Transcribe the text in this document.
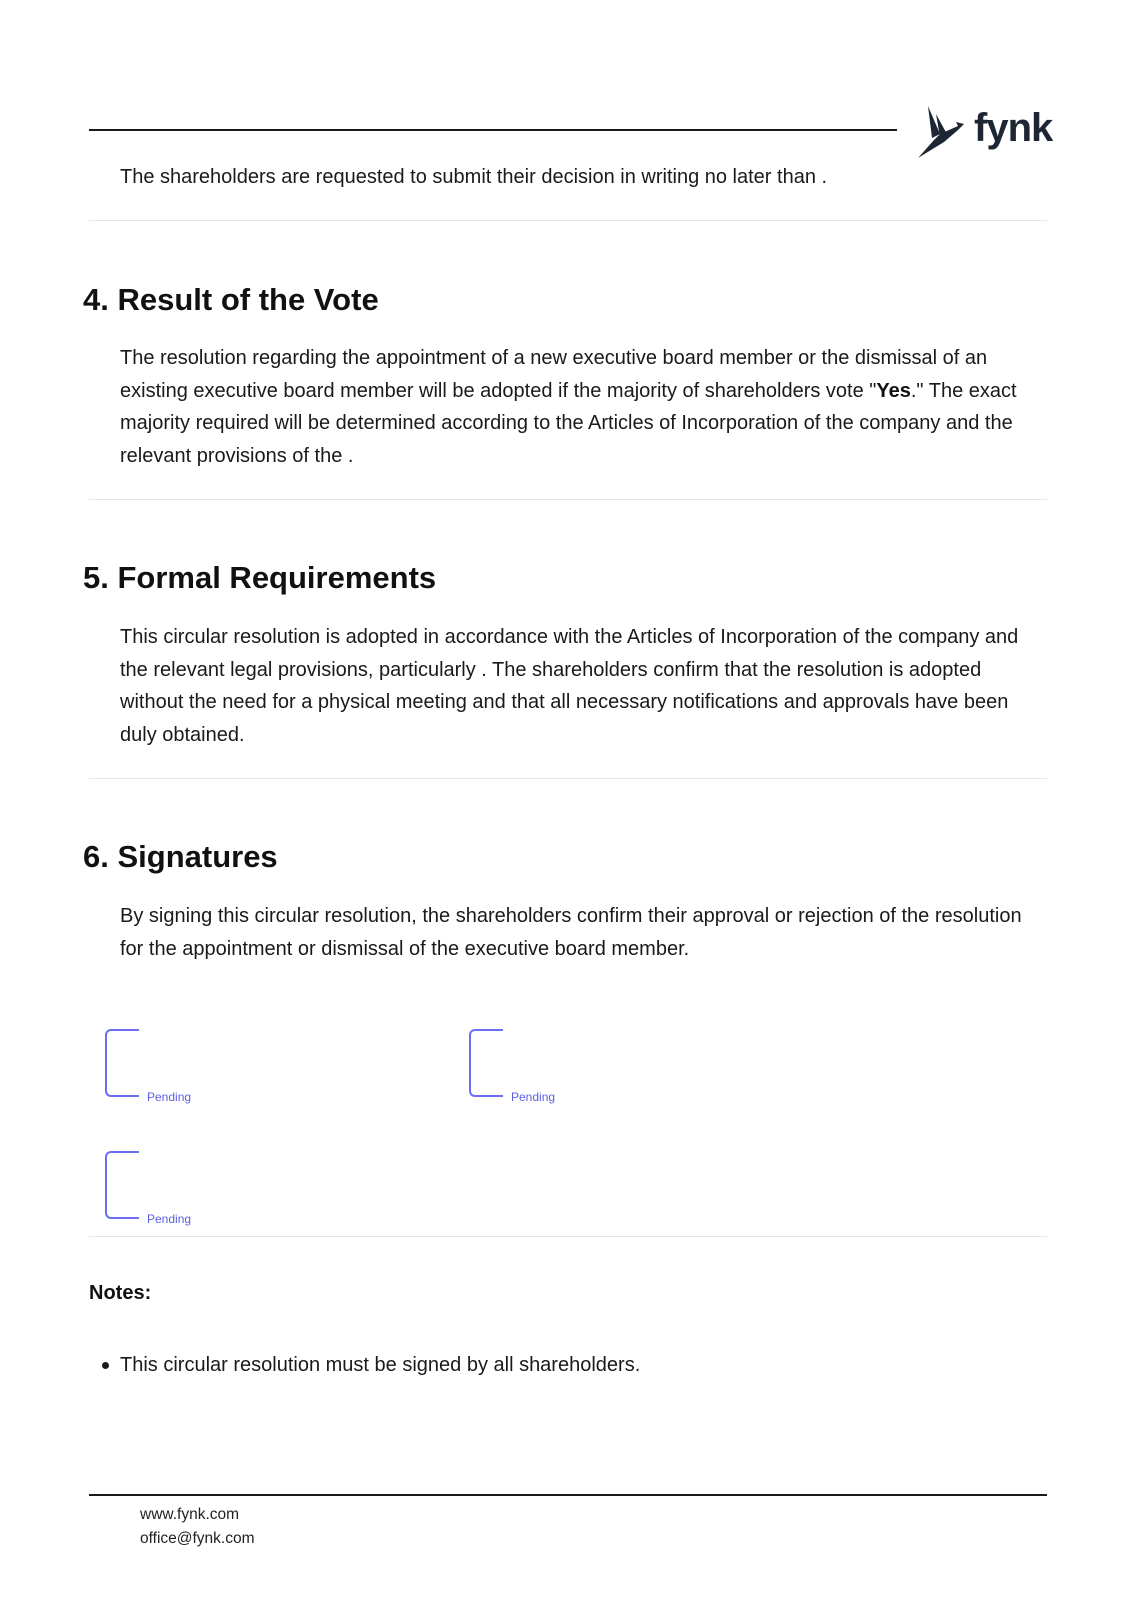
fynk

The shareholders are requested to submit their decision in writing no later than .

4. Result of the Vote

The resolution regarding the appointment of a new executive board member or the dismissal of an existing executive board member will be adopted if the majority of shareholders vote "Yes." The exact majority required will be determined according to the Articles of Incorporation of the company and the relevant provisions of the .

5. Formal Requirements

This circular resolution is adopted in accordance with the Articles of Incorporation of the company and the relevant legal provisions, particularly . The shareholders confirm that the resolution is adopted without the need for a physical meeting and that all necessary notifications and approvals have been duly obtained.

6. Signatures

By signing this circular resolution, the shareholders confirm their approval or rejection of the resolution for the appointment or dismissal of the executive board member.

Pending	Pending
Pending

Notes:

This circular resolution must be signed by all shareholders.
www.fynk.com
office@fynk.com
